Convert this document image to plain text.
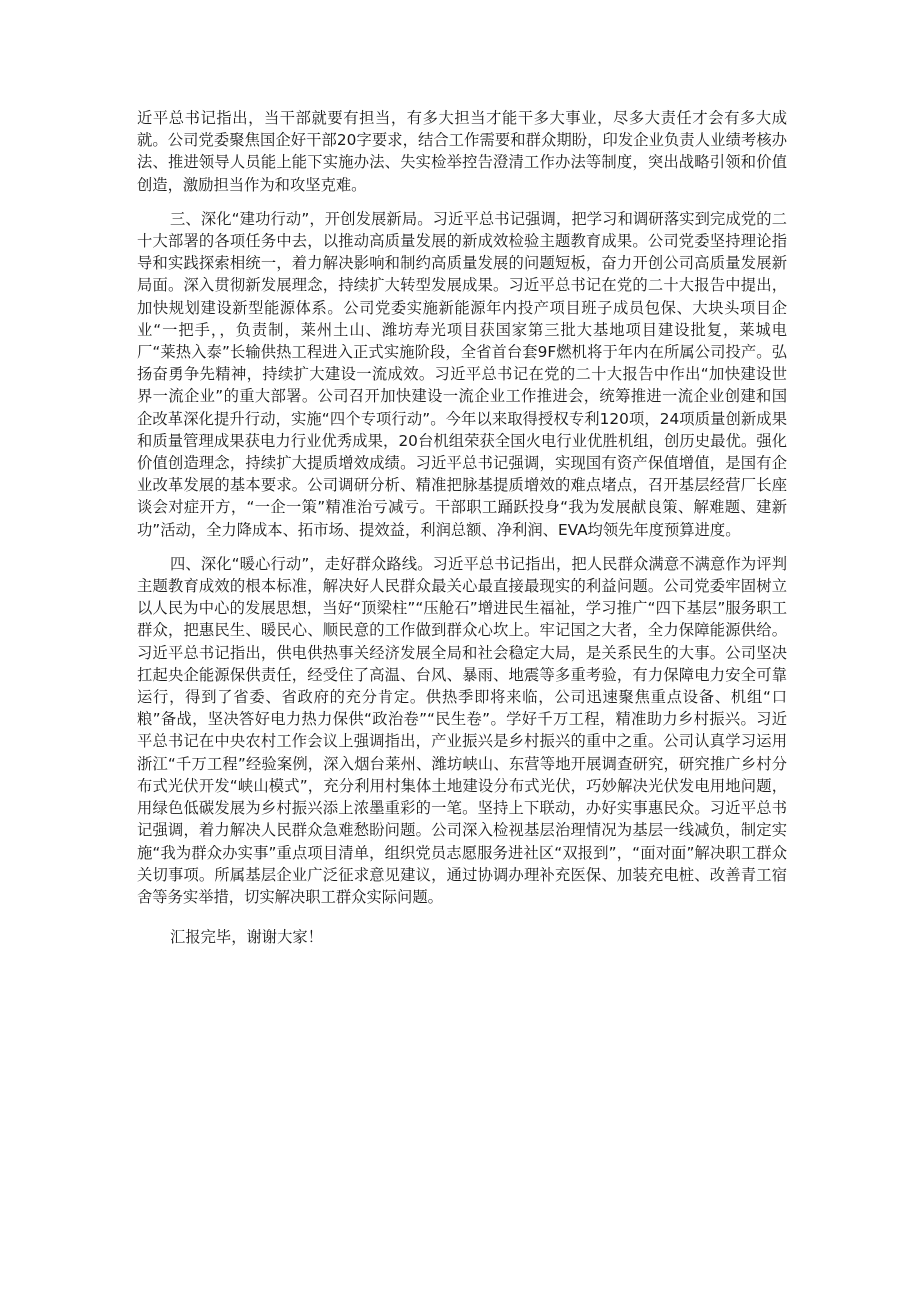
近平总书记指出，当干部就要有担当，有多大担当才能干多大事业，尽多大责任才会有多大成就。公司党委聚焦国企好干部20字要求，结合工作需要和群众期盼，印发企业负责人业绩考核办法、推进领导人员能上能下实施办法、失实检举控告澄清工作办法等制度，突出战略引领和价值创造，激励担当作为和攻坚克难。

三、深化“建功行动”，开创发展新局。习近平总书记强调，把学习和调研落实到完成党的二十大部署的各项任务中去，以推动高质量发展的新成效检验主题教育成果。公司党委坚持理论指导和实践探索相统一，着力解决影响和制约高质量发展的问题短板，奋力开创公司高质量发展新局面。深入贯彻新发展理念，持续扩大转型发展成果。习近平总书记在党的二十大报告中提出，加快规划建设新型能源体系。公司党委实施新能源年内投产项目班子成员包保、大块头项目企业“一把手，，负责制，莱州土山、潍坊寿光项目获国家第三批大基地项目建设批复，莱城电厂“莱热入泰”长输供热工程进入正式实施阶段，全省首台套9F燃机将于年内在所属公司投产。弘扬奋勇争先精神，持续扩大建设一流成效。习近平总书记在党的二十大报告中作出“加快建设世界一流企业”的重大部署。公司召开加快建设一流企业工作推进会，统筹推进一流企业创建和国企改革深化提升行动，实施“四个专项行动”。今年以来取得授权专利120项，24项质量创新成果和质量管理成果获电力行业优秀成果，20台机组荣获全国火电行业优胜机组，创历史最优。强化价值创造理念，持续扩大提质增效成绩。习近平总书记强调，实现国有资产保值增值，是国有企业改革发展的基本要求。公司调研分析、精准把脉基提质增效的难点堵点，召开基层经营厂长座谈会对症开方，“一企一策”精准治亏减亏。干部职工踊跃投身“我为发展献良策、解难题、建新功”活动，全力降成本、拓市场、提效益，利润总额、净利润、EVA均领先年度预算进度。

四、深化“暖心行动”，走好群众路线。习近平总书记指出，把人民群众满意不满意作为评判主题教育成效的根本标准，解决好人民群众最关心最直接最现实的利益问题。公司党委牢固树立以人民为中心的发展思想，当好“顶梁柱”“压舱石”增进民生福祉，学习推广“四下基层”服务职工群众，把惠民生、暖民心、顺民意的工作做到群众心坎上。牢记国之大者，全力保障能源供给。习近平总书记指出，供电供热事关经济发展全局和社会稳定大局，是关系民生的大事。公司坚决扛起央企能源保供责任，经受住了高温、台风、暴雨、地震等多重考验，有力保障电力安全可靠运行，得到了省委、省政府的充分肯定。供热季即将来临，公司迅速聚焦重点设备、机组“口粮”备战，坚决答好电力热力保供“政治卷”“民生卷”。学好千万工程，精准助力乡村振兴。习近平总书记在中央农村工作会议上强调指出，产业振兴是乡村振兴的重中之重。公司认真学习运用浙江“千万工程”经验案例，深入烟台莱州、潍坊峡山、东营等地开展调查研究，研究推广乡村分布式光伏开发“峡山模式”，充分利用村集体土地建设分布式光伏，巧妙解决光伏发电用地问题，用绿色低碳发展为乡村振兴添上浓墨重彩的一笔。坚持上下联动，办好实事惠民众。习近平总书记强调，着力解决人民群众急难愁盼问题。公司深入检视基层治理情况为基层一线减负，制定实施“我为群众办实事”重点项目清单，组织党员志愿服务进社区“双报到”，“面对面”解决职工群众关切事项。所属基层企业广泛征求意见建议，通过协调办理补充医保、加装充电桩、改善青工宿舍等务实举措，切实解决职工群众实际问题。

汇报完毕，谢谢大家！
